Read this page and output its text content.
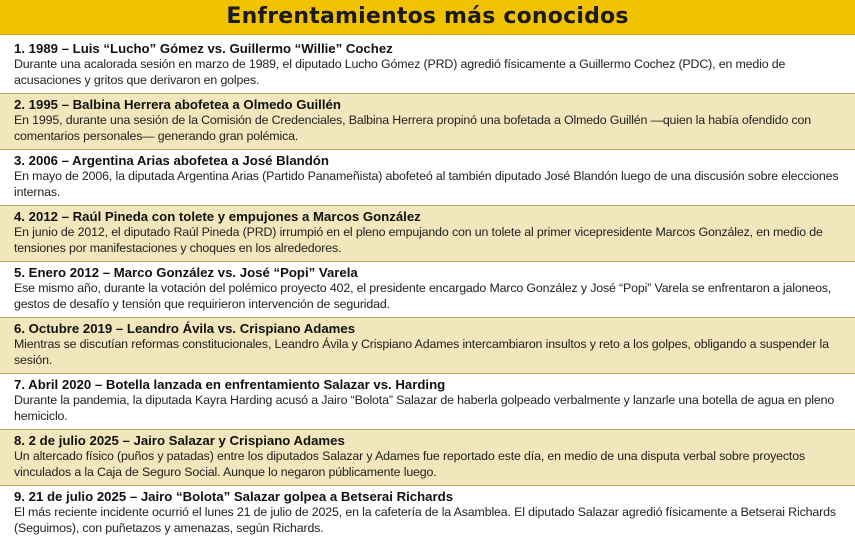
Enfrentamientos más conocidos
1. 1989 – Luis “Lucho” Gómez vs. Guillermo “Willie” Cochez
Durante una acalorada sesión en marzo de 1989, el diputado Lucho Gómez (PRD) agredió físicamente a Guillermo Cochez (PDC), en medio de acusaciones y gritos que derivaron en golpes.
2. 1995 – Balbina Herrera abofetea a Olmedo Guillén
En 1995, durante una sesión de la Comisión de Credenciales, Balbina Herrera propinó una bofetada a Olmedo Guillén —quien la había ofendido con comentarios personales— generando gran polémica.
3. 2006 – Argentina Arias abofetea a José Blandón
En mayo de 2006, la diputada Argentina Arias (Partido Panameñista) abofeteó al también diputado José Blandón luego de una discusión sobre elecciones internas.
4. 2012 – Raúl Pineda con tolete y empujones a Marcos González
En junio de 2012, el diputado Raúl Pineda (PRD) irrumpió en el pleno empujando con un tolete al primer vicepresidente Marcos González, en medio de tensiones por manifestaciones y choques en los alrededores.
5. Enero 2012 – Marco González vs. José “Popi” Varela
Ese mismo año, durante la votación del polémico proyecto 402, el presidente encargado Marco González y José “Popi” Varela se enfrentaron a jaloneos, gestos de desafío y tensión que requirieron intervención de seguridad.
6. Octubre 2019 – Leandro Ávila vs. Crispiano Adames
Mientras se discutían reformas constitucionales, Leandro Ávila y Crispiano Adames intercambiaron insultos y reto a los golpes, obligando a suspender la sesión.
7. Abril 2020 – Botella lanzada en enfrentamiento Salazar vs. Harding
Durante la pandemia, la diputada Kayra Harding acusó a Jairo “Bolota” Salazar de haberla golpeado verbalmente y lanzarle una botella de agua en pleno hemiciclo.
8. 2 de julio 2025 – Jairo Salazar y Crispiano Adames
Un altercado físico (puños y patadas) entre los diputados Salazar y Adames fue reportado este día, en medio de una disputa verbal sobre proyectos vinculados a la Caja de Seguro Social. Aunque lo negaron públicamente luego.
9. 21 de julio 2025 – Jairo “Bolota” Salazar golpea a Betserai Richards
El más reciente incidente ocurrió el lunes 21 de julio de 2025, en la cafetería de la Asamblea. El diputado Salazar agredió físicamente a Betserai Richards (Seguimos), con puñetazos y amenazas, según Richards.
